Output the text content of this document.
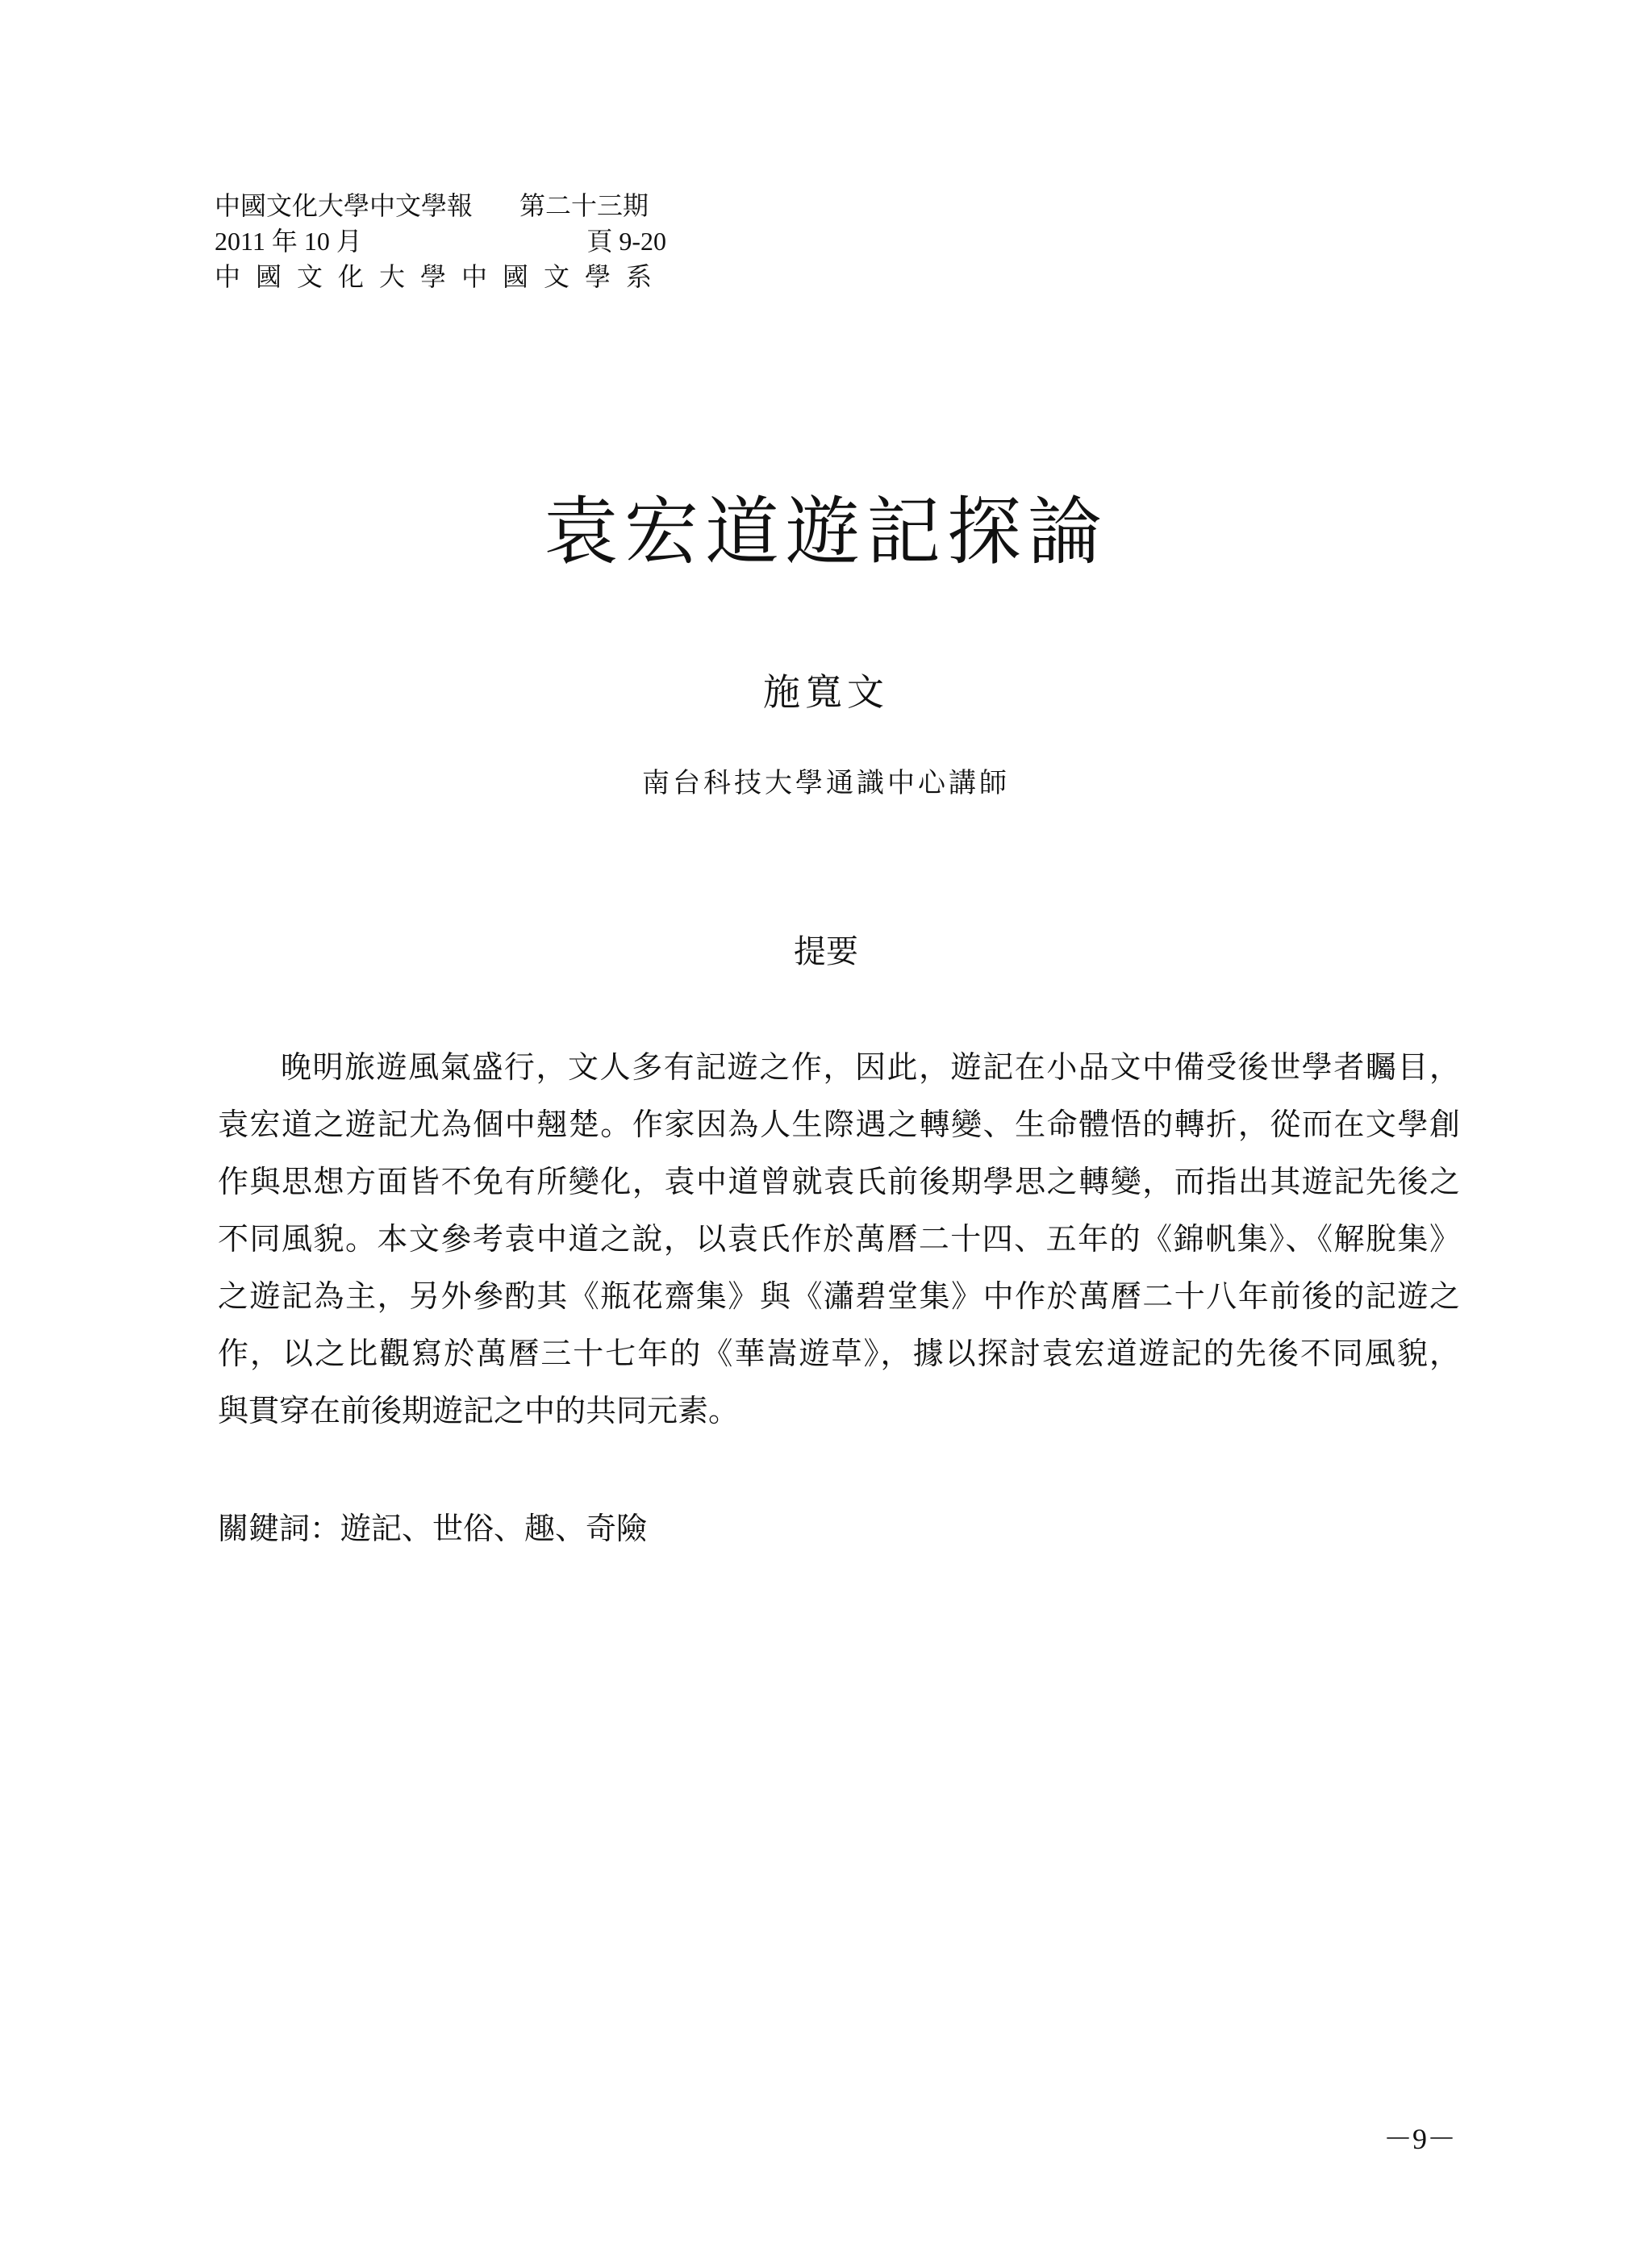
中國文化大學中文學報 第二十三期
2011 年 10 月	頁 9-20
中國文化大學中國文學系
袁宏道遊記探論
施寬文
南台科技大學通識中心講師
提要
晚明旅遊風氣盛行，文人多有記遊之作，因此，遊記在小品文中備受後世學者矚目，
袁宏道之遊記尤為個中翹楚。作家因為人生際遇之轉變、生命體悟的轉折，從而在文學創
作與思想方面皆不免有所變化，袁中道曾就袁氏前後期學思之轉變，而指出其遊記先後之
不同風貌。本文參考袁中道之說，以袁氏作於萬曆二十四、五年的《錦帆集》、《解脫集》
之遊記為主，另外參酌其《瓶花齋集》與《瀟碧堂集》中作於萬曆二十八年前後的記遊之
作，以之比觀寫於萬曆三十七年的《華嵩遊草》，據以探討袁宏道遊記的先後不同風貌，
與貫穿在前後期遊記之中的共同元素。
關鍵詞：遊記、世俗、趣、奇險
－9－
